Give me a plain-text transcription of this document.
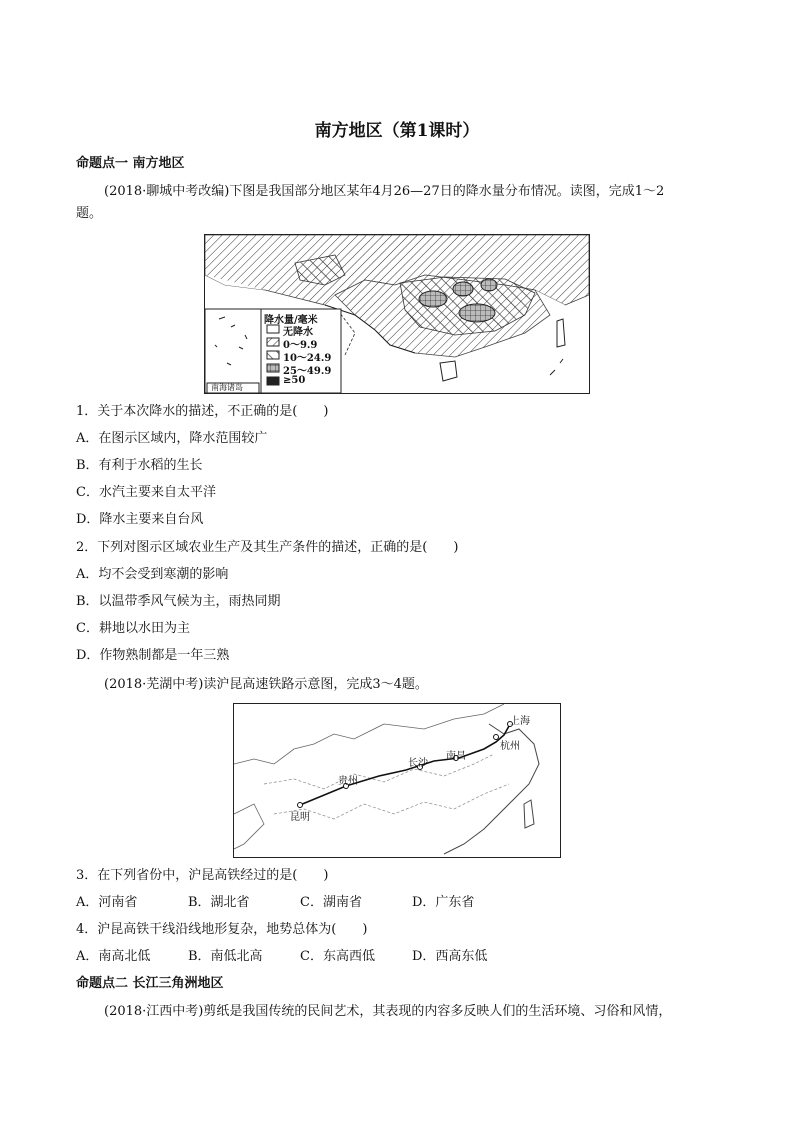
南方地区（第1课时）
命题点一 南方地区
(2018·聊城中考改编)下图是我国部分地区某年4月26—27日的降水量分布情况。读图，完成1～2
题。
降水量/毫米
无降水
0～9.9
10～24.9
25～49.9
≥50
南海诸岛
1．关于本次降水的描述，不正确的是(　　)
A．在图示区域内，降水范围较广
B．有利于水稻的生长
C．水汽主要来自太平洋
D．降水主要来自台风
2．下列对图示区域农业生产及其生产条件的描述，正确的是(　　)
A．均不会受到寒潮的影响
B．以温带季风气候为主，雨热同期
C．耕地以水田为主
D．作物熟制都是一年三熟
(2018·芜湖中考)读沪昆高速铁路示意图，完成3～4题。
上海
杭州
南昌
长沙
贵州
昆明
3．在下列省份中，沪昆高铁经过的是(　　)
A．河南省	B．湖北省	C．湖南省	D．广东省
4．沪昆高铁干线沿线地形复杂，地势总体为(　　)
A．南高北低	B．南低北高	C．东高西低	D．西高东低
命题点二 长江三角洲地区
(2018·江西中考)剪纸是我国传统的民间艺术，其表现的内容多反映人们的生活环境、习俗和风情，
